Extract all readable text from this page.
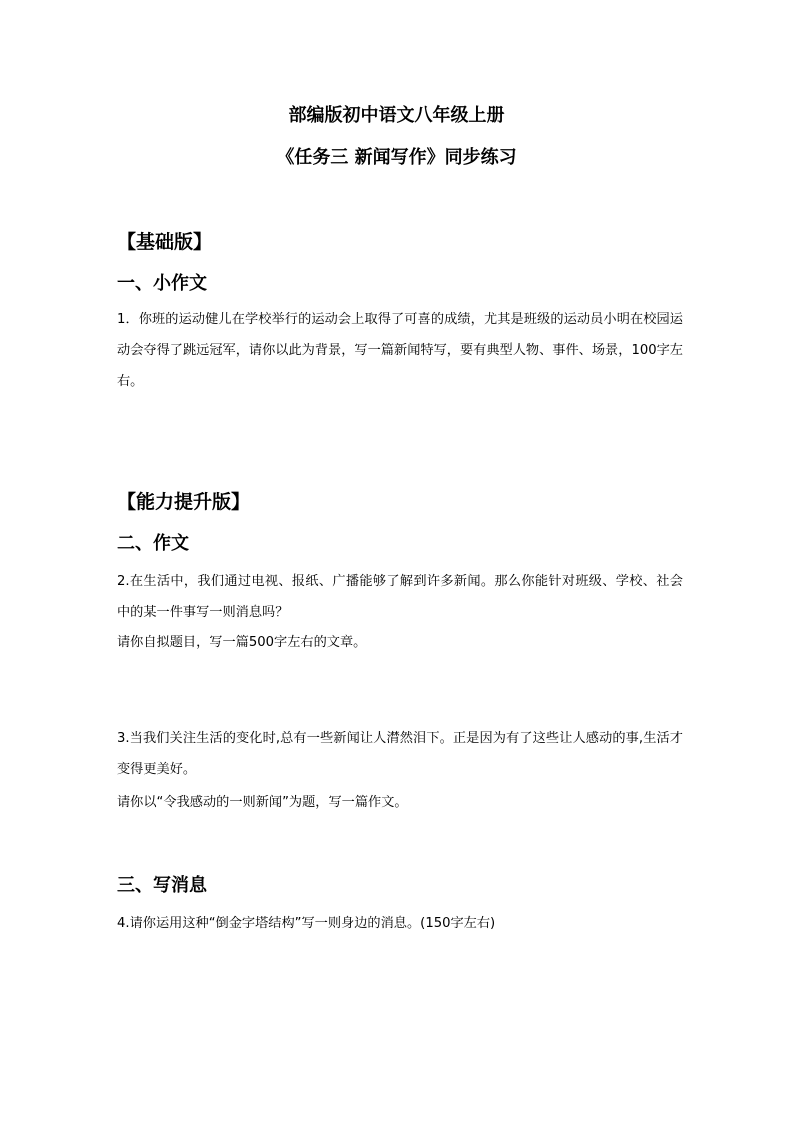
部编版初中语文八年级上册
《任务三 新闻写作》同步练习
【基础版】
一、小作文
1．你班的运动健儿在学校举行的运动会上取得了可喜的成绩，尤其是班级的运动员小明在校园运动会夺得了跳远冠军，请你以此为背景，写一篇新闻特写，要有典型人物、事件、场景，100字左右。
【能力提升版】
二、作文
2.在生活中，我们通过电视、报纸、广播能够了解到许多新闻。那么你能针对班级、学校、社会中的某一件事写一则消息吗？
请你自拟题目，写一篇500字左右的文章。
3.当我们关注生活的变化时,总有一些新闻让人潸然泪下。正是因为有了这些让人感动的事,生活才变得更美好。
请你以“令我感动的一则新闻”为题，写一篇作文。
三、写消息
4.请你运用这种“倒金字塔结构”写一则身边的消息。(150字左右)
